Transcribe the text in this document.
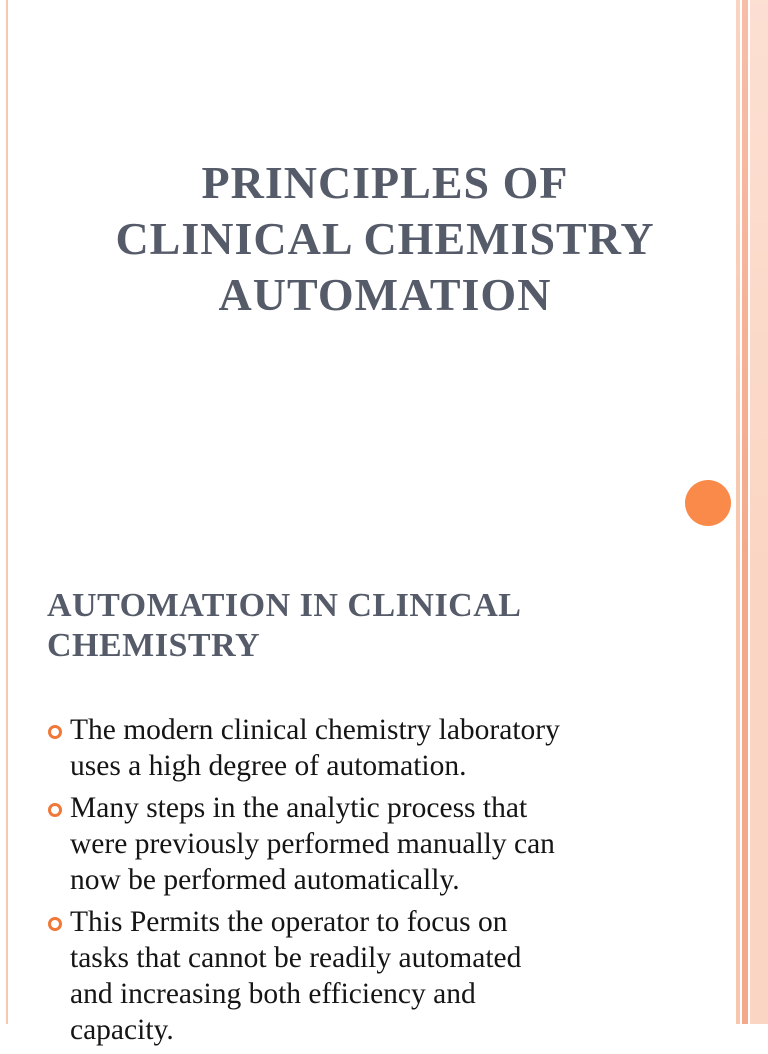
PRINCIPLES OF
CLINICAL CHEMISTRY
AUTOMATION
AUTOMATION IN CLINICAL
CHEMISTRY
The modern clinical chemistry laboratory
uses a high degree of automation.
Many steps in the analytic process that
were previously performed manually can
now be performed automatically.
This Permits the operator to focus on
tasks that cannot be readily automated
and increasing both efficiency and
capacity.
